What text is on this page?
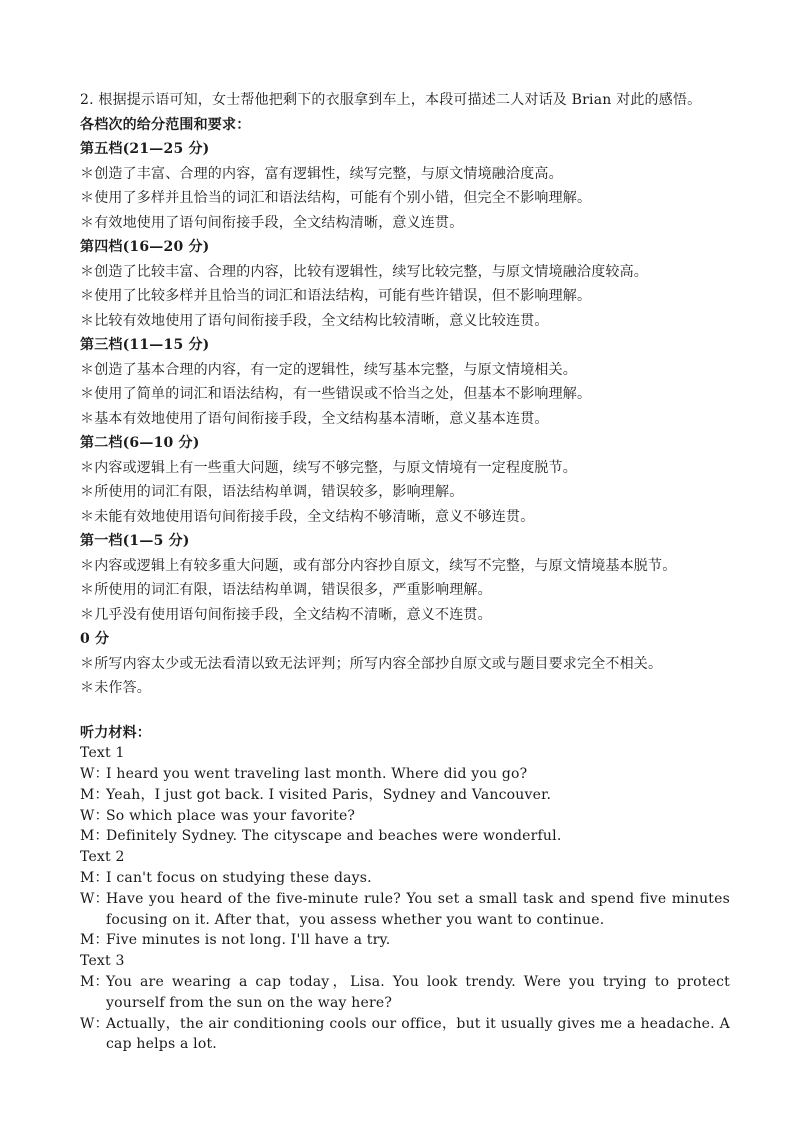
2. 根据提示语可知，女士帮他把剩下的衣服拿到车上，本段可描述二人对话及 Brian 对此的感悟。
各档次的给分范围和要求：
第五档(21—25 分)
＊创造了丰富、合理的内容，富有逻辑性，续写完整，与原文情境融洽度高。
＊使用了多样并且恰当的词汇和语法结构，可能有个别小错，但完全不影响理解。
＊有效地使用了语句间衔接手段，全文结构清晰，意义连贯。
第四档(16—20 分)
＊创造了比较丰富、合理的内容，比较有逻辑性，续写比较完整，与原文情境融洽度较高。
＊使用了比较多样并且恰当的词汇和语法结构，可能有些许错误，但不影响理解。
＊比较有效地使用了语句间衔接手段，全文结构比较清晰，意义比较连贯。
第三档(11—15 分)
＊创造了基本合理的内容，有一定的逻辑性，续写基本完整，与原文情境相关。
＊使用了简单的词汇和语法结构，有一些错误或不恰当之处，但基本不影响理解。
＊基本有效地使用了语句间衔接手段，全文结构基本清晰，意义基本连贯。
第二档(6—10 分)
＊内容或逻辑上有一些重大问题，续写不够完整，与原文情境有一定程度脱节。
＊所使用的词汇有限，语法结构单调，错误较多，影响理解。
＊未能有效地使用语句间衔接手段，全文结构不够清晰，意义不够连贯。
第一档(1—5 分)
＊内容或逻辑上有较多重大问题，或有部分内容抄自原文，续写不完整，与原文情境基本脱节。
＊所使用的词汇有限，语法结构单调，错误很多，严重影响理解。
＊几乎没有使用语句间衔接手段，全文结构不清晰，意义不连贯。
0 分
＊所写内容太少或无法看清以致无法评判；所写内容全部抄自原文或与题目要求完全不相关。
＊未作答。
听力材料：
Text 1
W：
I heard you went traveling last month. Where did you go?
M：
Yeah，I just got back. I visited Paris，Sydney and Vancouver.
W：
So which place was your favorite?
M：
Definitely Sydney. The cityscape and beaches were wonderful.
Text 2
M：
I can't focus on studying these days.
W：
Have you heard of the five-minute rule? You set a small task and spend five minutes focusing on it. After that，you assess whether you want to continue.
M：
Five minutes is not long. I'll have a try.
Text 3
M：
You are wearing a cap today，Lisa. You look trendy. Were you trying to protect yourself from the sun on the way here?
W：
Actually，the air conditioning cools our office，but it usually gives me a headache. A cap helps a lot.
